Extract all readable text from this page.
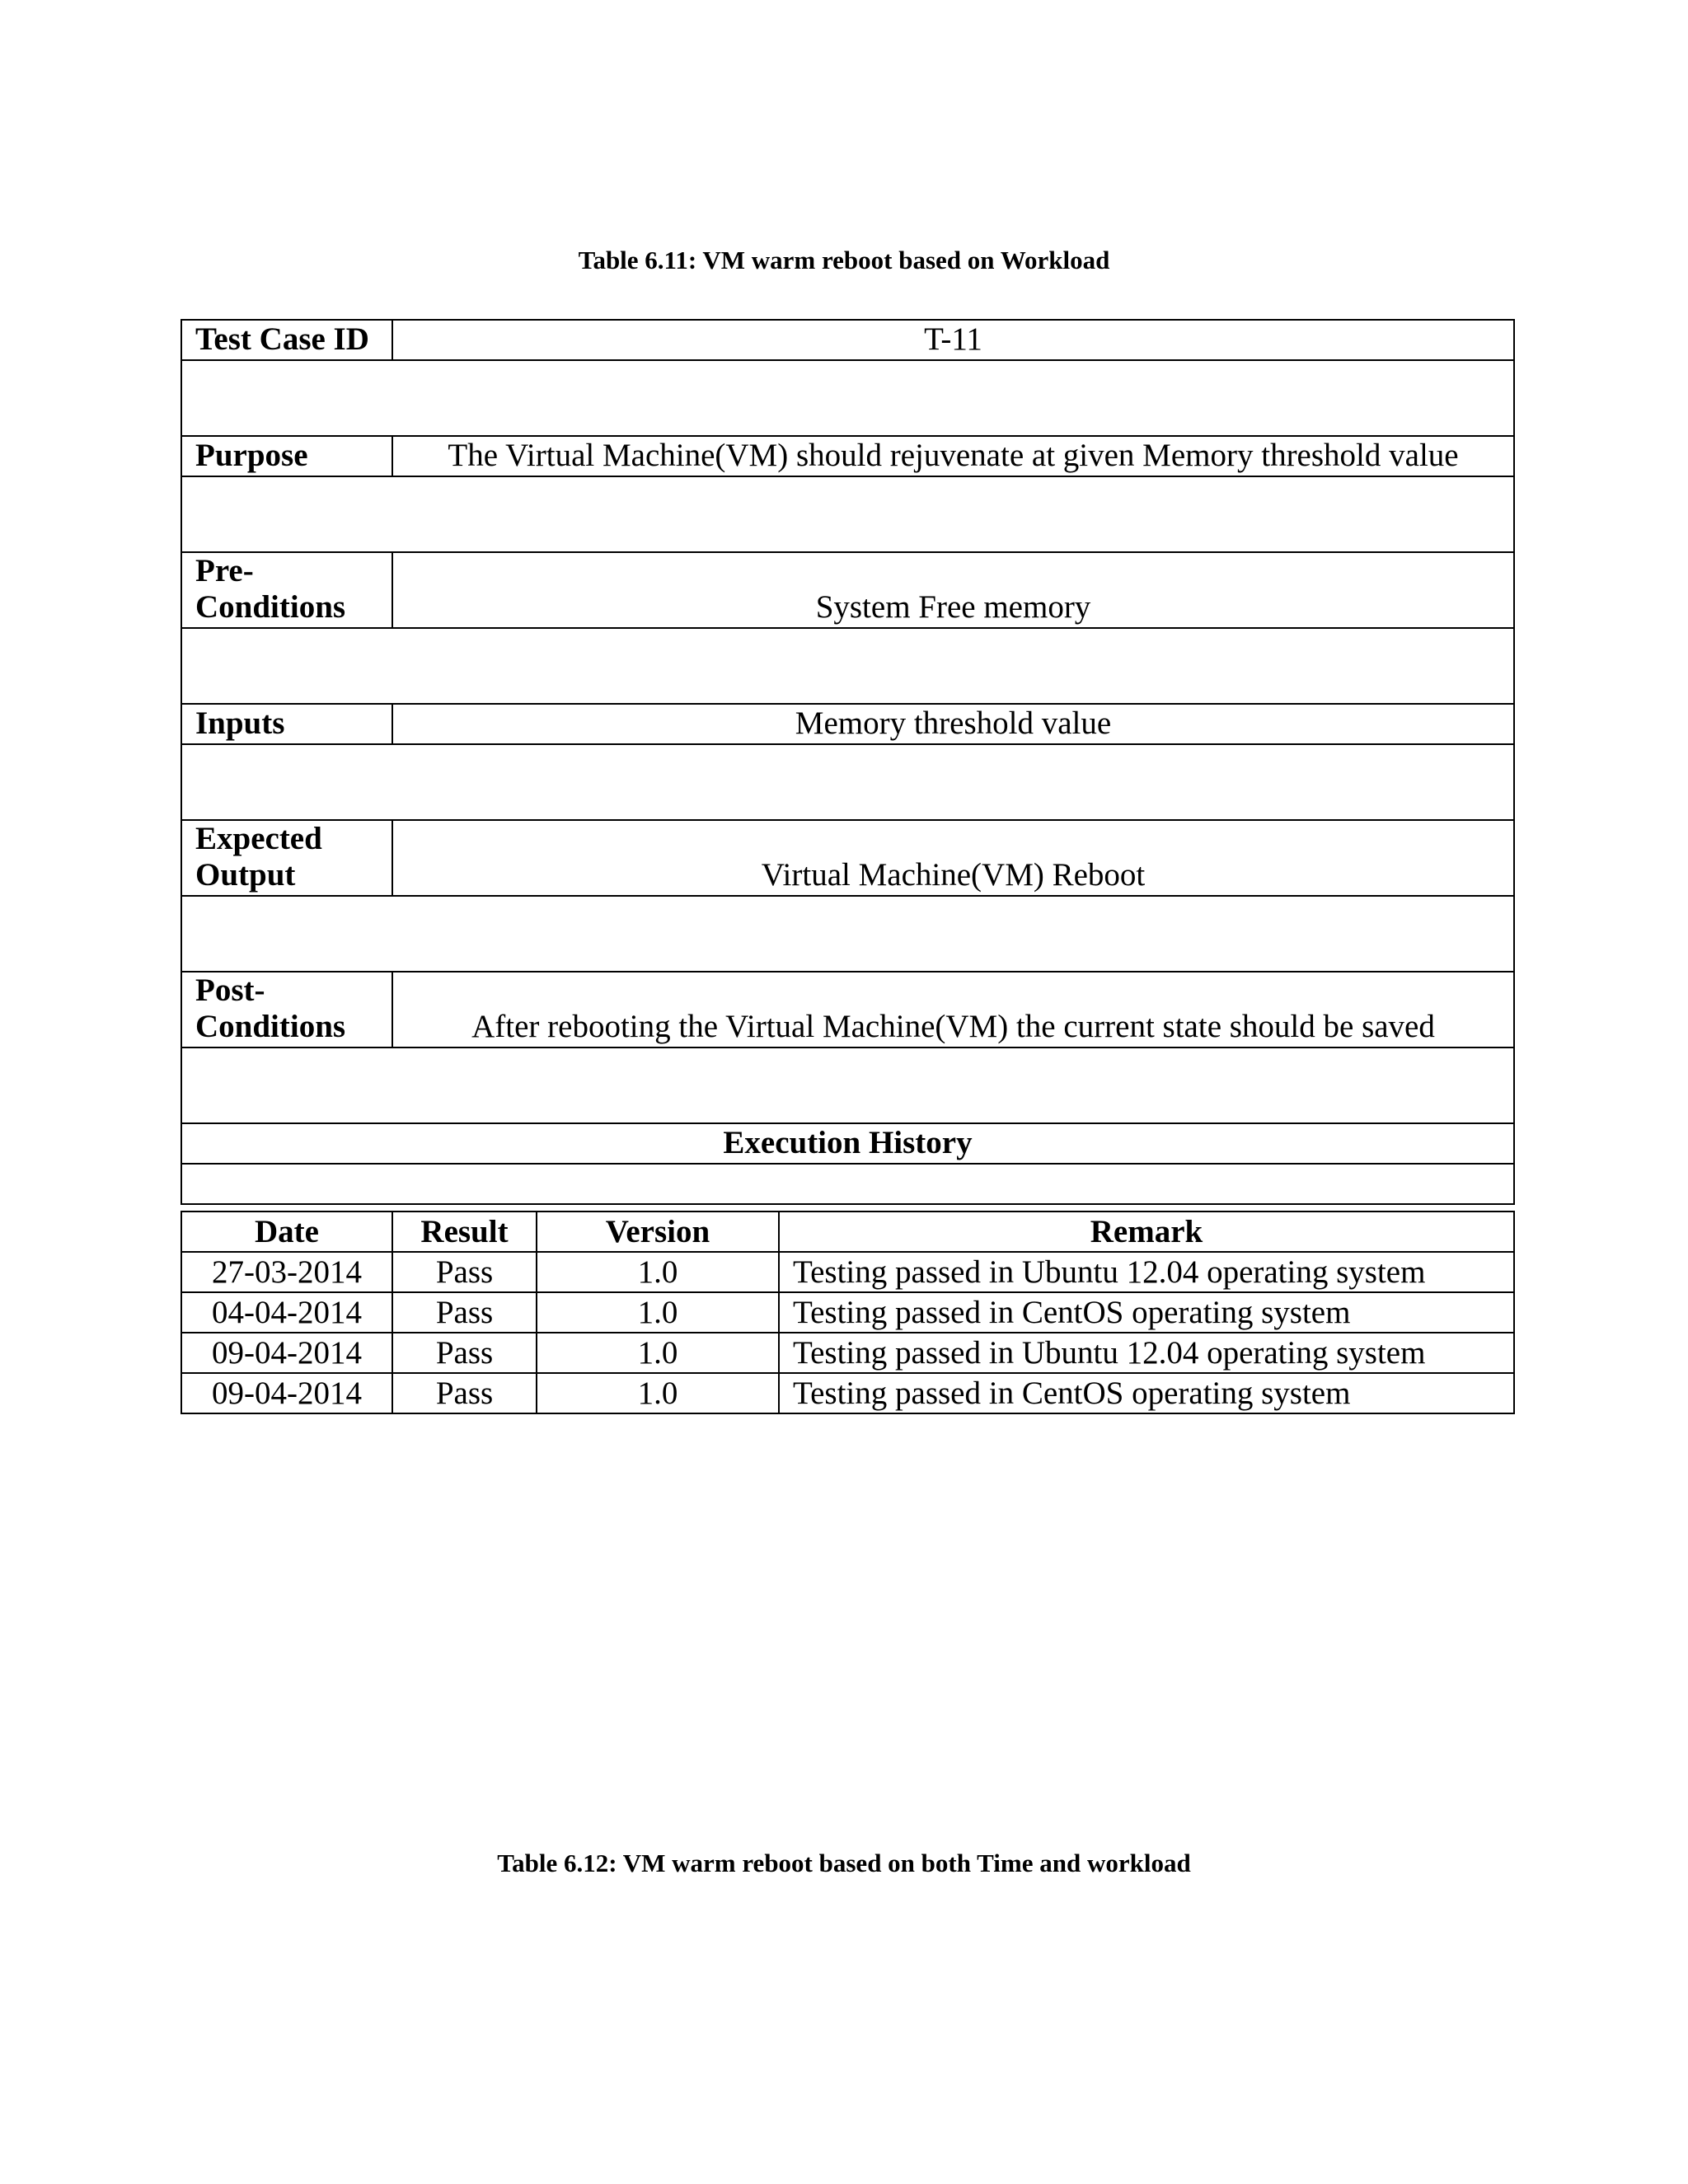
Table 6.11: VM warm reboot based on Workload
Test Case ID	T-11

Purpose	The Virtual Machine(VM) should rejuvenate at given Memory threshold value

Pre-
Conditions	System Free memory

Inputs	Memory threshold value

Expected
Output	Virtual Machine(VM) Reboot

Post-
Conditions	After rebooting the Virtual Machine(VM) the current state should be saved

Execution History	

Date	Result	Version	Remark
27-03-2014	Pass	1.0	Testing passed in Ubuntu 12.04 operating system
04-04-2014	Pass	1.0	Testing passed in CentOS operating system
09-04-2014	Pass	1.0	Testing passed in Ubuntu 12.04 operating system
09-04-2014	Pass	1.0	Testing passed in CentOS operating system
Table 6.12: VM warm reboot based on both Time and workload
